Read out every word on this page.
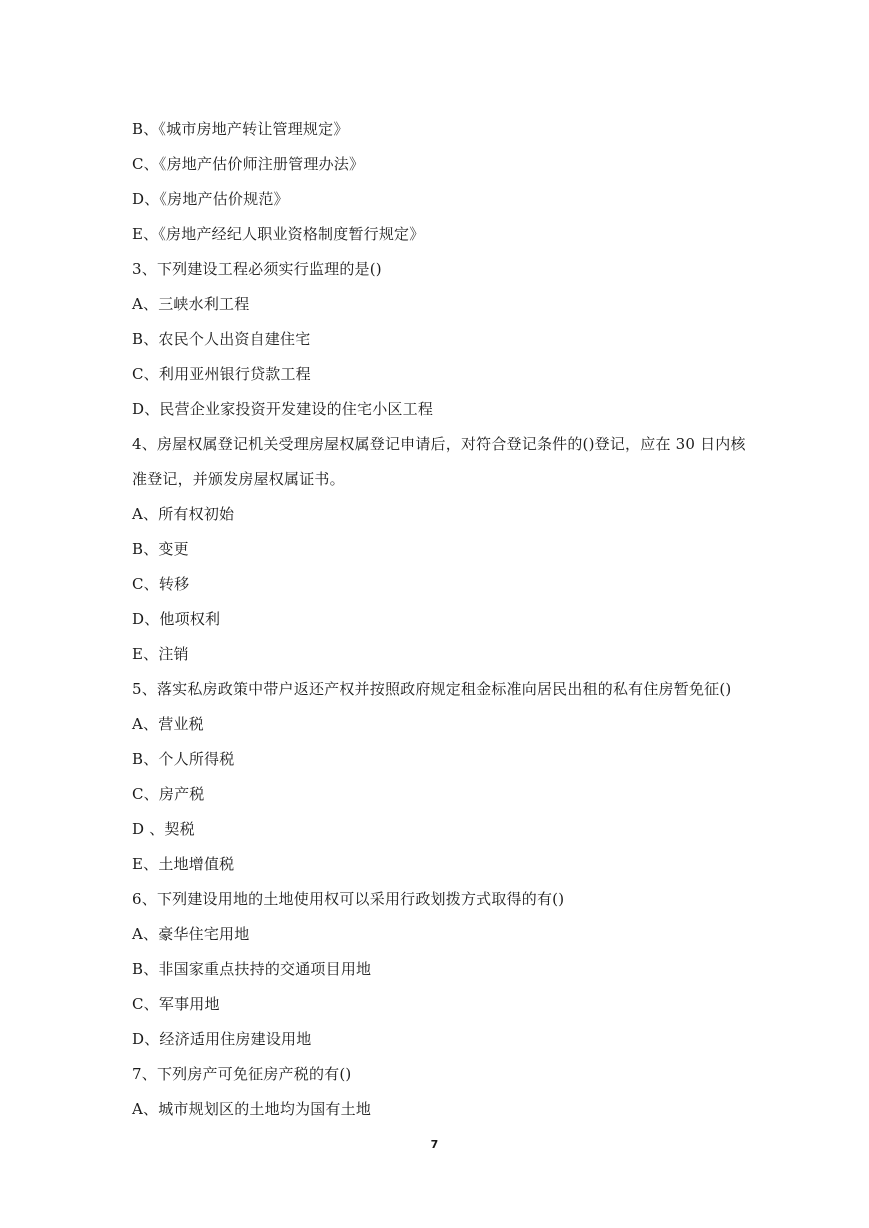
B、《城市房地产转让管理规定》
C、《房地产估价师注册管理办法》
D、《房地产估价规范》
E、《房地产经纪人职业资格制度暂行规定》
3、下列建设工程必须实行监理的是()
A、三峡水利工程
B、农民个人出资自建住宅
C、利用亚州银行贷款工程
D、民营企业家投资开发建设的住宅小区工程
4、房屋权属登记机关受理房屋权属登记申请后，对符合登记条件的()登记，应在 30 日内核
准登记，并颁发房屋权属证书。
A、所有权初始
B、变更
C、转移
D、他项权利
E、注销
5、落实私房政策中带户返还产权并按照政府规定租金标准向居民出租的私有住房暂免征()
A、营业税
B、个人所得税
C、房产税
D 、契税
E、土地增值税
6、下列建设用地的土地使用权可以采用行政划拨方式取得的有()
A、豪华住宅用地
B、非国家重点扶持的交通项目用地
C、军事用地
D、经济适用住房建设用地
7、下列房产可免征房产税的有()
A、城市规划区的土地均为国有土地
7
